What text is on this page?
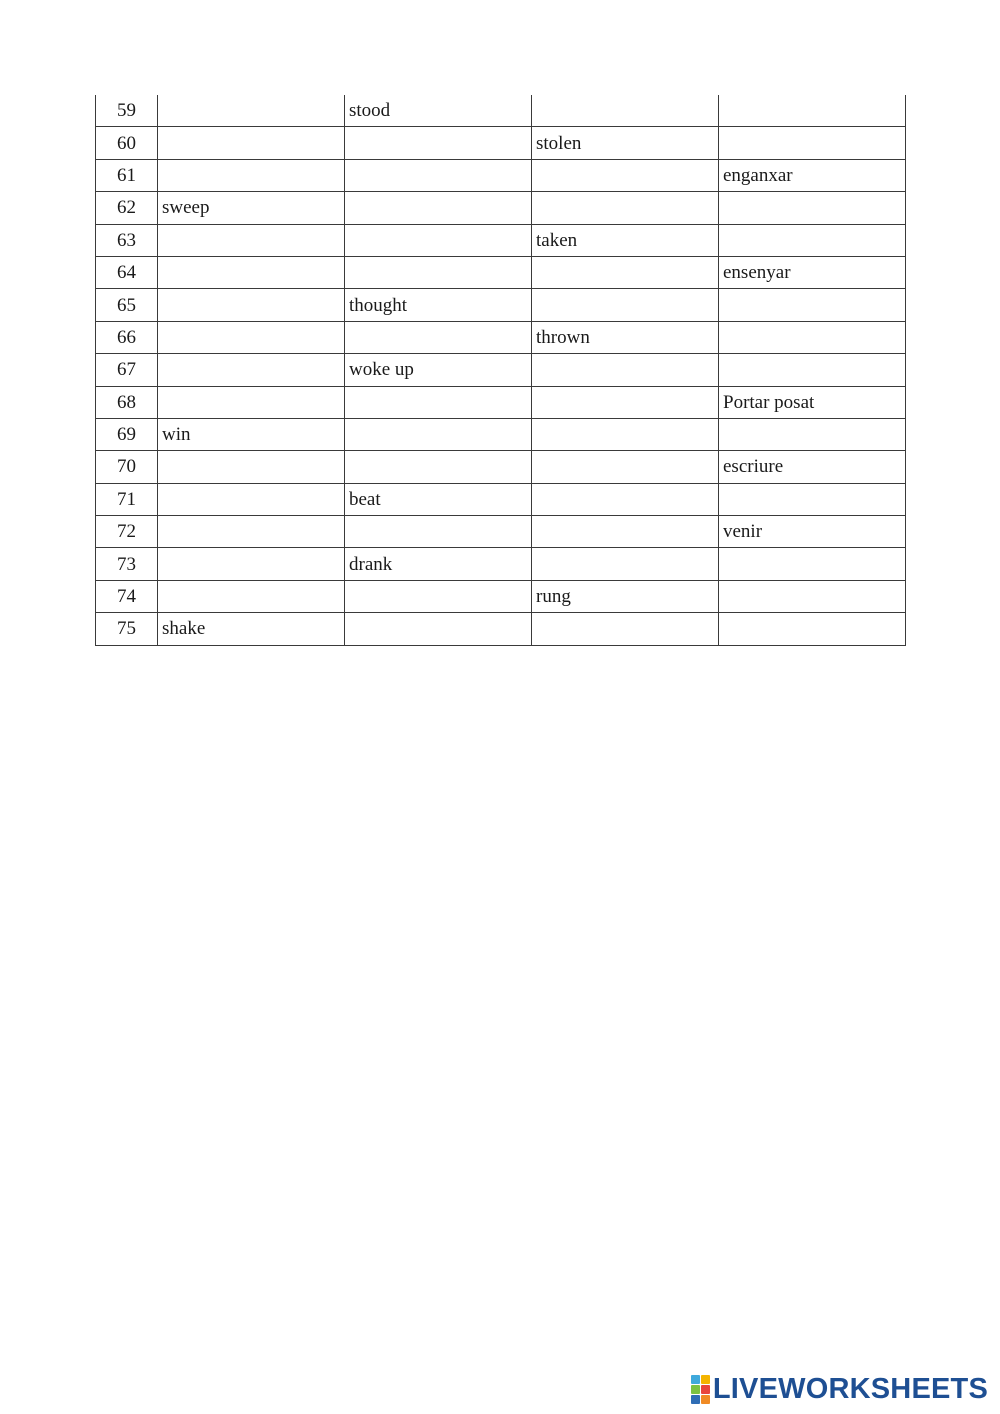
59		stood		
60			stolen	
61				enganxar
62	sweep			
63			taken	
64				ensenyar
65		thought		
66			thrown	
67		woke up		
68				Portar posat
69	win			
70				escriure
71		beat		
72				venir
73		drank		
74			rung	
75	shake			
LIVEWORKSHEETS
